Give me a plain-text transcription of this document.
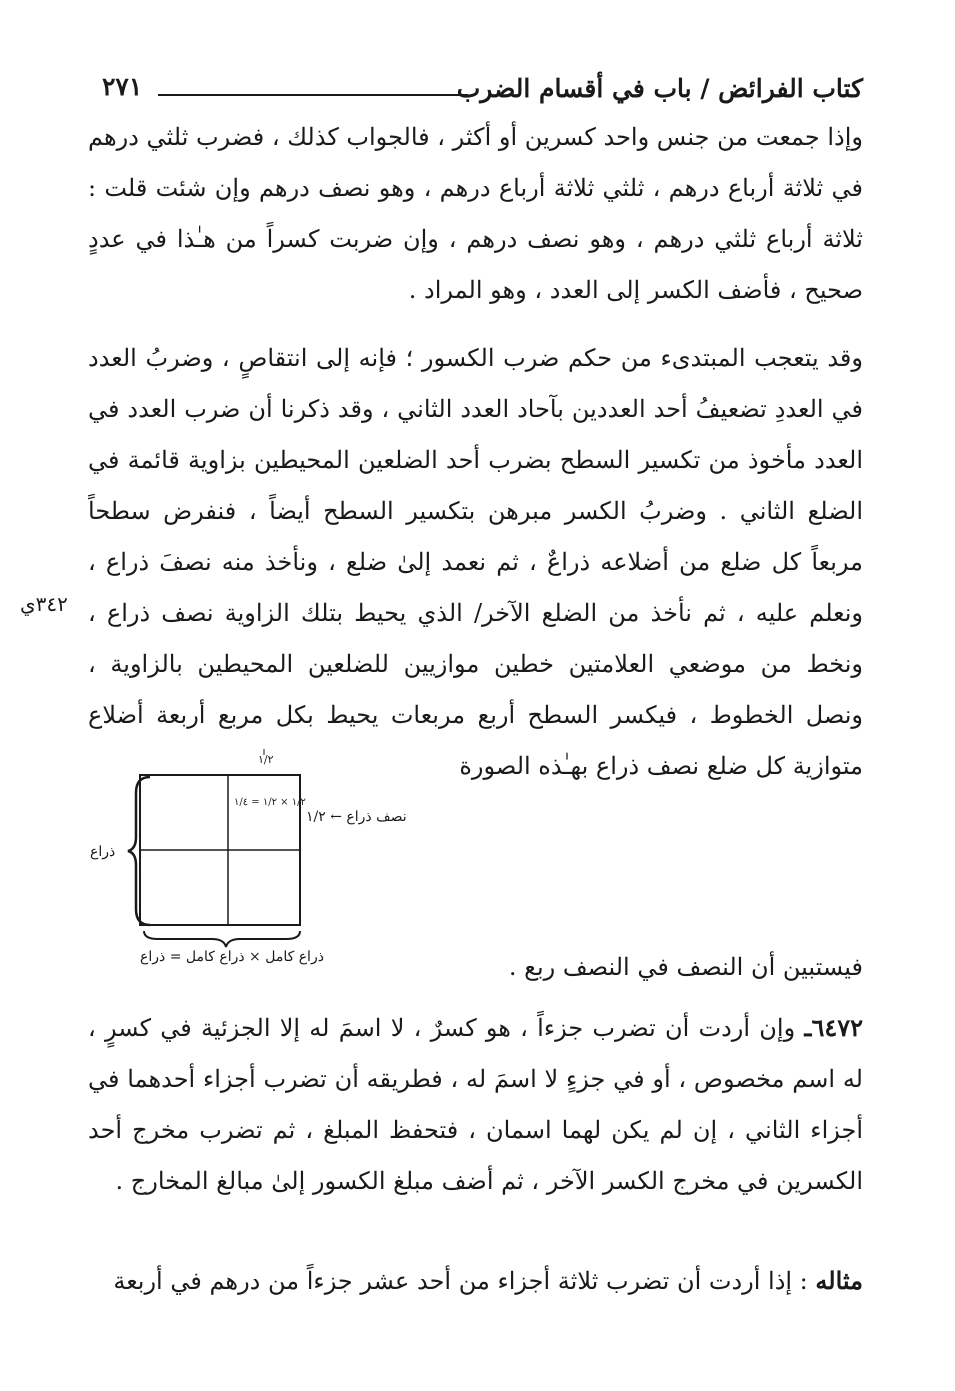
كتاب الفرائض / باب في أقسام الضرب
٢٧١

وإذا جمعت من جنس واحد كسرين أو أكثر ، فالجواب كذلك ، فضرب ثلثي درهم في ثلاثة أرباع درهم ، ثلثي ثلاثة أرباع درهم ، وهو نصف درهم وإن شئت قلت : ثلاثة أرباع ثلثي درهم ، وهو نصف درهم ، وإن ضربت كسراً من هـٰذا في عددٍ صحيح ، فأضف الكسر إلى العدد ، وهو المراد .

وقد يتعجب المبتدىء من حكم ضرب الكسور ؛ فإنه إلى انتقاصٍ ، وضربُ العدد في العددِ تضعيفُ أحد العددين بآحاد العدد الثاني ، وقد ذكرنا أن ضرب العدد في العدد مأخوذ من تكسير السطح بضرب أحد الضلعين المحيطين بزاوية قائمة في الضلع الثاني . وضربُ الكسر مبرهن بتكسير السطح أيضاً ، فنفرض سطحاً مربعاً كل ضلع من أضلاعه ذراعٌ ، ثم نعمد إلىٰ ضلع ، ونأخذ منه نصفَ ذراع ، ونعلم عليه ، ثم نأخذ من الضلع الآخر/ الذي يحيط بتلك الزاوية نصف ذراع ، ونخط من موضعي العلامتين خطين موازيين للضلعين المحيطين بالزاوية ، ونصل الخطوط ، فيكسر السطح أربع مربعات يحيط بكل مربع أربعة أضلاع متوازية كل ضلع نصف ذراع بهـٰذه الصورة

٣٤٢ي
١/٢
١/٢ × ١/٢ = ١/٤
نصف ذراع ← ١/٢
ذراع
ذراع كامل × ذراع كامل = ذراع	فيستبين أن النصف في النصف ربع .

٦٤٧٢ـ وإن أردت أن تضرب جزءاً ، هو كسرٌ ، لا اسمَ له إلا الجزئية في كسرٍ ، له اسم مخصوص ، أو في جزءٍ لا اسمَ له ، فطريقه أن تضرب أجزاء أحدهما في أجزاء الثاني ، إن لم يكن لهما اسمان ، فتحفظ المبلغ ، ثم تضرب مخرج أحد الكسرين في مخرج الكسر الآخر ، ثم أضف مبلغ الكسور إلىٰ مبالغ المخارج .

مثاله : إذا أردت أن تضرب ثلاثة أجزاء من أحد عشر جزءاً من درهم في أربعة
